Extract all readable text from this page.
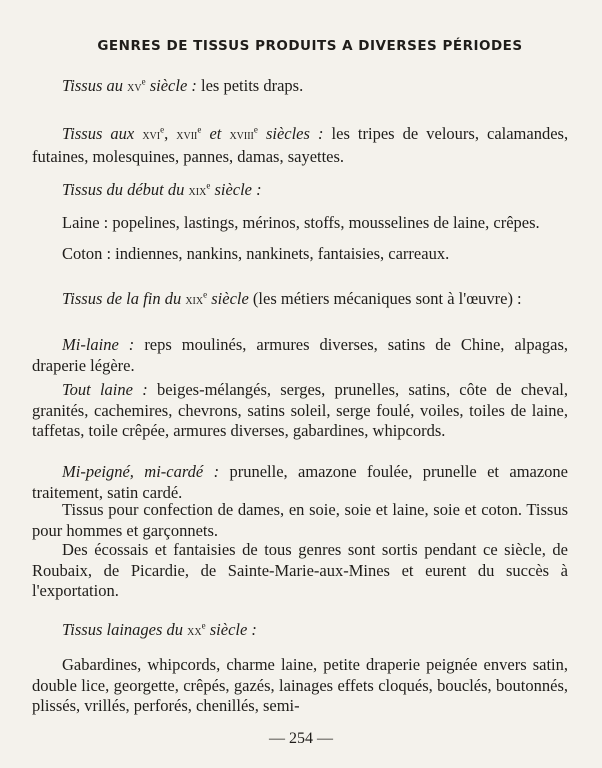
GENRES DE TISSUS PRODUITS A DIVERSES PÉRIODES
Tissus au $xv^e$ siècle : les petits draps.
Tissus aux xvi$^e$, xvii$^e$ et xviii$^e$ siècles : les tripes de velours, calamandes, futaines, molesquines, pannes, damas, sayettes.
Tissus du début du xix$^e$ siècle :
Laine : popelines, lastings, mérinos, stoffs, mousselines de laine, crêpes.
Coton : indiennes, nankins, nankinets, fantaisies, carreaux.
Tissus de la fin du xix$^e$ siècle (les métiers mécaniques sont à l'œuvre) :
Mi-laine : reps moulinés, armures diverses, satins de Chine, alpagas, draperie légère.
Tout laine : beiges-mélangés, serges, prunelles, satins, côte de cheval, granités, cachemires, chevrons, satins soleil, serge foulé, voiles, toiles de laine, taffetas, toile crêpée, armures diverses, gabardines, whipcords.
Mi-peigné, mi-cardé : prunelle, amazone foulée, prunelle et amazone traitement, satin cardé.
Tissus pour confection de dames, en soie, soie et laine, soie et coton. Tissus pour hommes et garçonnets.
Des écossais et fantaisies de tous genres sont sortis pendant ce siècle, de Roubaix, de Picardie, de Sainte-Marie-aux-Mines et eurent du succès à l'exportation.
Tissus lainages du $xx^e$ siècle :
Gabardines, whipcords, charme laine, petite draperie peignée envers satin, double lice, georgette, crêpés, gazés, lainages effets cloqués, bouclés, boutonnés, plissés, vrillés, perforés, chenillés, semi-
— 254 —
